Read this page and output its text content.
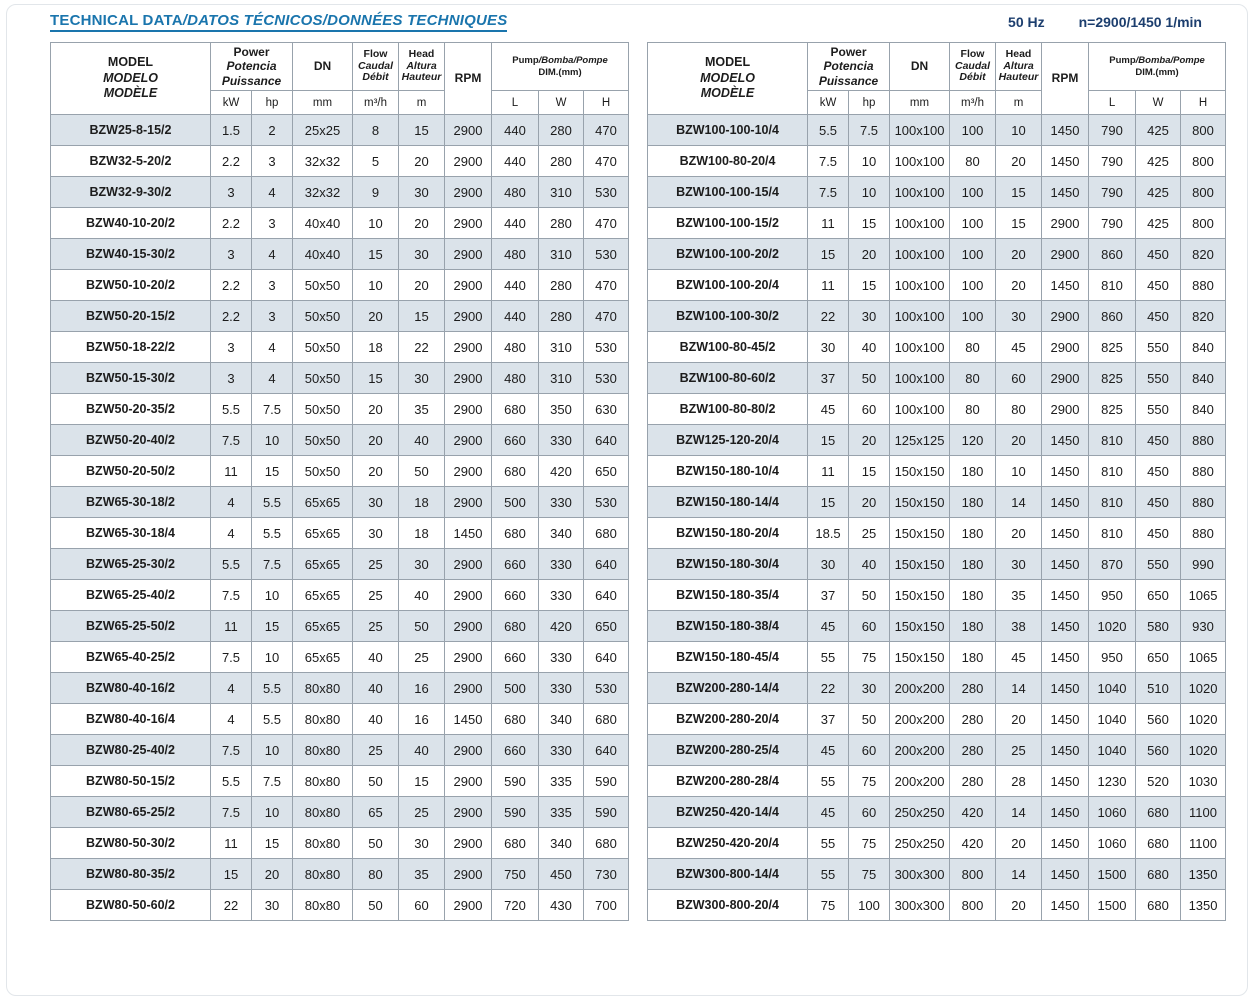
TECHNICAL DATA/DATOS TÉCNICOS/DONNÉES TECHNIQUES	50 Hz n=2900/1450 1/min
MODEL
MODELO
MODÈLE

Power
Potencia
Puissance

DN

Flow
Caudal
Débit

Head
Altura
Hauteur	RPM

Pump/Bomba/Pompe
DIM.(mm)

	kW	hp	mm	m³/h	m		L	W	H
BZW25-8-15/2	1.5	2	25x25	8	15	2900	440	280	470
BZW32-5-20/2	2.2	3	32x32	5	20	2900	440	280	470
BZW32-9-30/2	3	4	32x32	9	30	2900	480	310	530
BZW40-10-20/2	2.2	3	40x40	10	20	2900	440	280	470
BZW40-15-30/2	3	4	40x40	15	30	2900	480	310	530
BZW50-10-20/2	2.2	3	50x50	10	20	2900	440	280	470
BZW50-20-15/2	2.2	3	50x50	20	15	2900	440	280	470
BZW50-18-22/2	3	4	50x50	18	22	2900	480	310	530
BZW50-15-30/2	3	4	50x50	15	30	2900	480	310	530
BZW50-20-35/2	5.5	7.5	50x50	20	35	2900	680	350	630
BZW50-20-40/2	7.5	10	50x50	20	40	2900	660	330	640
BZW50-20-50/2	11	15	50x50	20	50	2900	680	420	650
BZW65-30-18/2	4	5.5	65x65	30	18	2900	500	330	530
BZW65-30-18/4	4	5.5	65x65	30	18	1450	680	340	680
BZW65-25-30/2	5.5	7.5	65x65	25	30	2900	660	330	640
BZW65-25-40/2	7.5	10	65x65	25	40	2900	660	330	640
BZW65-25-50/2	11	15	65x65	25	50	2900	680	420	650
BZW65-40-25/2	7.5	10	65x65	40	25	2900	660	330	640
BZW80-40-16/2	4	5.5	80x80	40	16	2900	500	330	530
BZW80-40-16/4	4	5.5	80x80	40	16	1450	680	340	680
BZW80-25-40/2	7.5	10	80x80	25	40	2900	660	330	640
BZW80-50-15/2	5.5	7.5	80x80	50	15	2900	590	335	590
BZW80-65-25/2	7.5	10	80x80	65	25	2900	590	335	590
BZW80-50-30/2	11	15	80x80	50	30	2900	680	340	680
BZW80-80-35/2	15	20	80x80	80	35	2900	750	450	730
BZW80-50-60/2	22	30	80x80	50	60	2900	720	430	700
MODEL
MODELO
MODÈLE

Power
Potencia
Puissance

DN

Flow
Caudal
Débit

Head
Altura
Hauteur	RPM

Pump/Bomba/Pompe
DIM.(mm)

	kW	hp	mm	m³/h	m		L	W	H
BZW100-100-10/4	5.5	7.5	100x100	100	10	1450	790	425	800
BZW100-80-20/4	7.5	10	100x100	80	20	1450	790	425	800
BZW100-100-15/4	7.5	10	100x100	100	15	1450	790	425	800
BZW100-100-15/2	11	15	100x100	100	15	2900	790	425	800
BZW100-100-20/2	15	20	100x100	100	20	2900	860	450	820
BZW100-100-20/4	11	15	100x100	100	20	1450	810	450	880
BZW100-100-30/2	22	30	100x100	100	30	2900	860	450	820
BZW100-80-45/2	30	40	100x100	80	45	2900	825	550	840
BZW100-80-60/2	37	50	100x100	80	60	2900	825	550	840
BZW100-80-80/2	45	60	100x100	80	80	2900	825	550	840
BZW125-120-20/4	15	20	125x125	120	20	1450	810	450	880
BZW150-180-10/4	11	15	150x150	180	10	1450	810	450	880
BZW150-180-14/4	15	20	150x150	180	14	1450	810	450	880
BZW150-180-20/4	18.5	25	150x150	180	20	1450	810	450	880
BZW150-180-30/4	30	40	150x150	180	30	1450	870	550	990
BZW150-180-35/4	37	50	150x150	180	35	1450	950	650	1065
BZW150-180-38/4	45	60	150x150	180	38	1450	1020	580	930
BZW150-180-45/4	55	75	150x150	180	45	1450	950	650	1065
BZW200-280-14/4	22	30	200x200	280	14	1450	1040	510	1020
BZW200-280-20/4	37	50	200x200	280	20	1450	1040	560	1020
BZW200-280-25/4	45	60	200x200	280	25	1450	1040	560	1020
BZW200-280-28/4	55	75	200x200	280	28	1450	1230	520	1030
BZW250-420-14/4	45	60	250x250	420	14	1450	1060	680	1100
BZW250-420-20/4	55	75	250x250	420	20	1450	1060	680	1100
BZW300-800-14/4	55	75	300x300	800	14	1450	1500	680	1350
BZW300-800-20/4	75	100	300x300	800	20	1450	1500	680	1350
